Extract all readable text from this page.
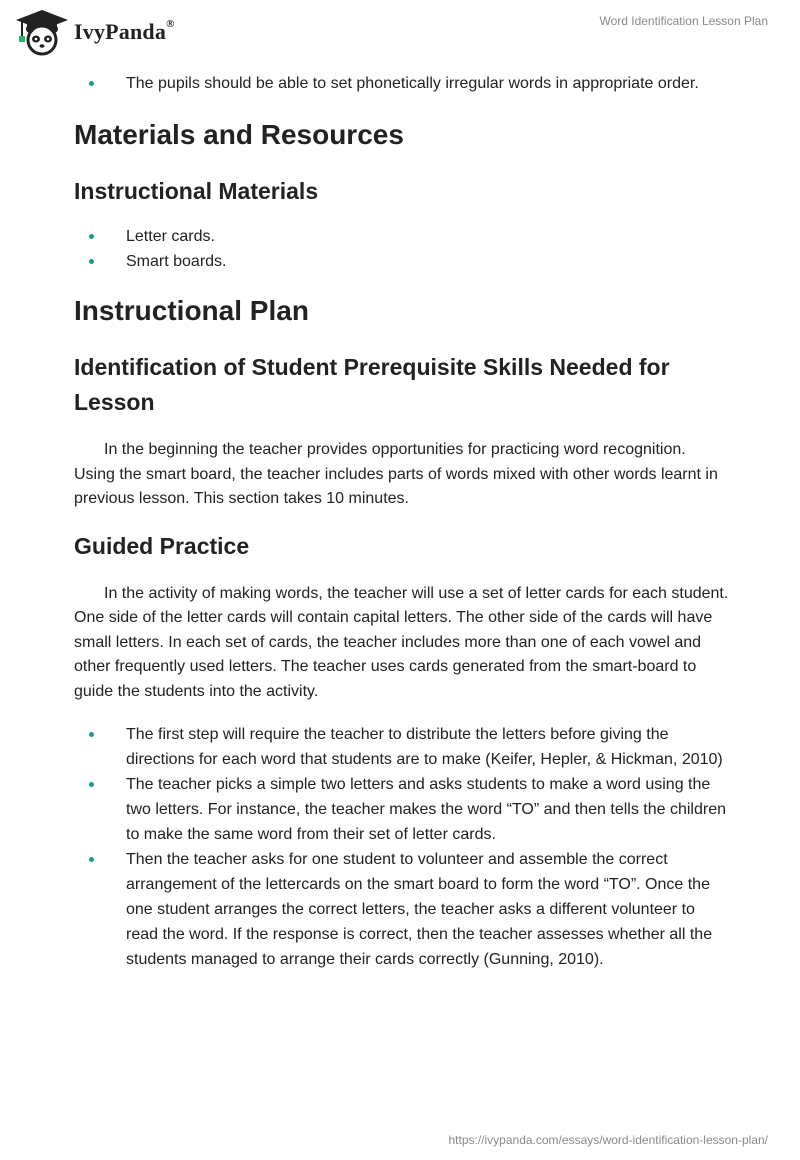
IvyPanda®	Word Identification Lesson Plan
The pupils should be able to set phonetically irregular words in appropriate order.
Materials and Resources
Instructional Materials
Letter cards.
Smart boards.
Instructional Plan
Identification of Student Prerequisite Skills Needed for Lesson

In the beginning the teacher provides opportunities for practicing word recognition. Using the smart board, the teacher includes parts of words mixed with other words learnt in previous lesson. This section takes 10 minutes.

Guided Practice

In the activity of making words, the teacher will use a set of letter cards for each student. One side of the letter cards will contain capital letters. The other side of the cards will have small letters. In each set of cards, the teacher includes more than one of each vowel and other frequently used letters. The teacher uses cards generated from the smart-board to guide the students into the activity.

The first step will require the teacher to distribute the letters before giving the directions for each word that students are to make (Keifer, Hepler, & Hickman, 2010)
The teacher picks a simple two letters and asks students to make a word using the two letters. For instance, the teacher makes the word “TO” and then tells the children to make the same word from their set of letter cards.
Then the teacher asks for one student to volunteer and assemble the correct arrangement of the lettercards on the smart board to form the word “TO”. Once the one student arranges the correct letters, the teacher asks a different volunteer to read the word. If the response is correct, then the teacher assesses whether all the students managed to arrange their cards correctly (Gunning, 2010).
https://ivypanda.com/essays/word-identification-lesson-plan/
